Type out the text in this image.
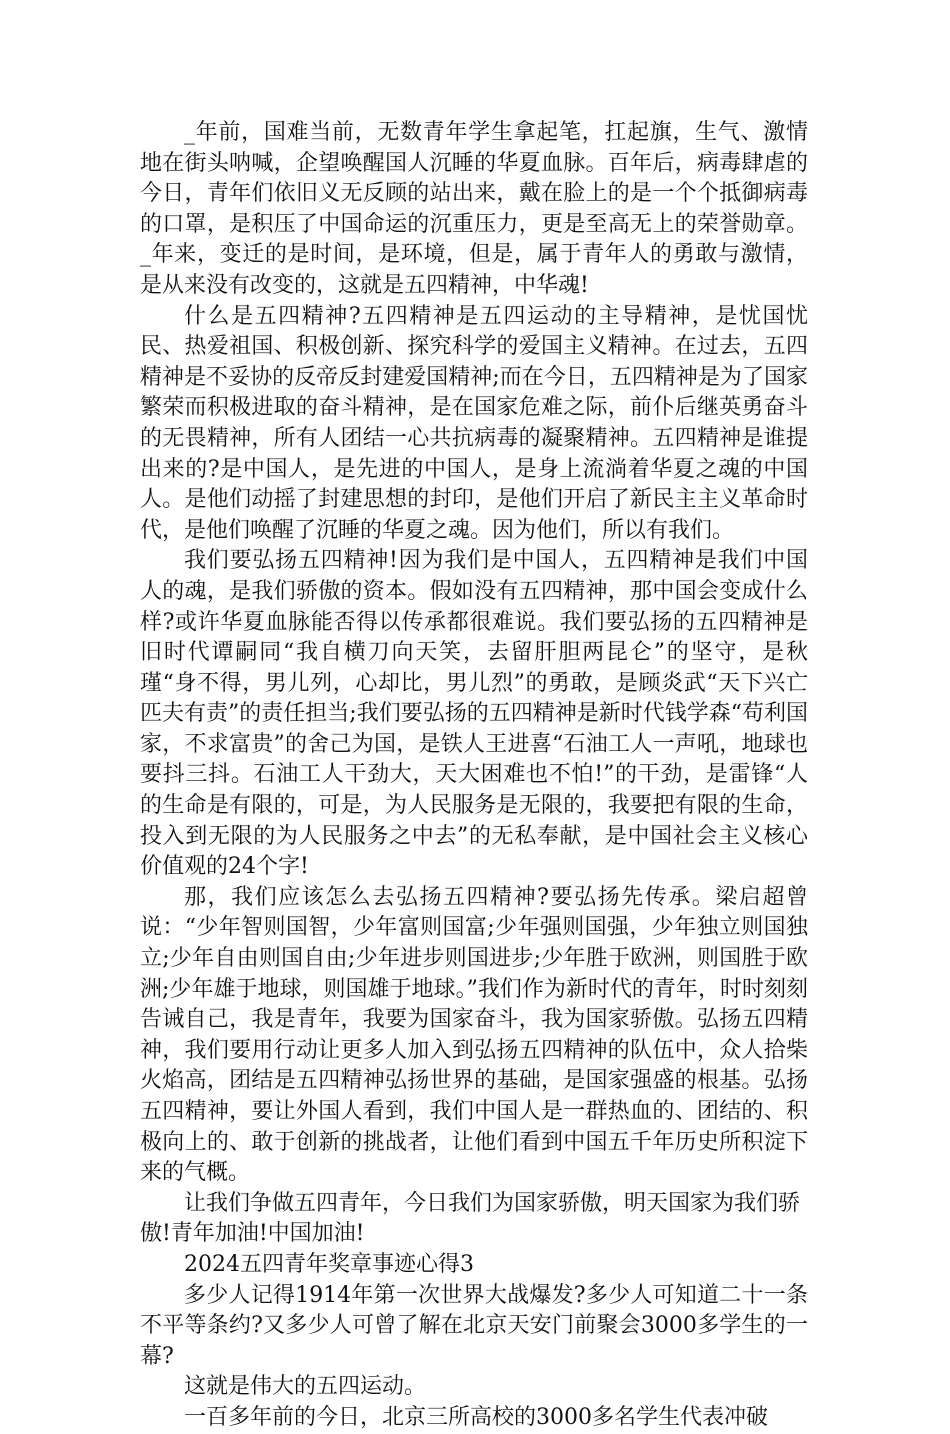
_年前，国难当前，无数青年学生拿起笔，扛起旗，生气、激情地在街头呐喊，企望唤醒国人沉睡的华夏血脉。百年后，病毒肆虐的今日，青年们依旧义无反顾的站出来，戴在脸上的是一个个抵御病毒的口罩，是积压了中国命运的沉重压力，更是至高无上的荣誉勋章。_年来，变迁的是时间，是环境，但是，属于青年人的勇敢与激情，是从来没有改变的，这就是五四精神，中华魂!

什么是五四精神?五四精神是五四运动的主导精神，是忧国忧民、热爱祖国、积极创新、探究科学的爱国主义精神。在过去，五四精神是不妥协的反帝反封建爱国精神;而在今日，五四精神是为了国家繁荣而积极进取的奋斗精神，是在国家危难之际，前仆后继英勇奋斗的无畏精神，所有人团结一心共抗病毒的凝聚精神。五四精神是谁提出来的?是中国人，是先进的中国人，是身上流淌着华夏之魂的中国人。是他们动摇了封建思想的封印，是他们开启了新民主主义革命时代，是他们唤醒了沉睡的华夏之魂。因为他们，所以有我们。

我们要弘扬五四精神!因为我们是中国人，五四精神是我们中国人的魂，是我们骄傲的资本。假如没有五四精神，那中国会变成什么样?或许华夏血脉能否得以传承都很难说。我们要弘扬的五四精神是旧时代谭嗣同“我自横刀向天笑，去留肝胆两昆仑”的坚守，是秋瑾“身不得，男儿列，心却比，男儿烈”的勇敢，是顾炎武“天下兴亡匹夫有责”的责任担当;我们要弘扬的五四精神是新时代钱学森“苟利国家，不求富贵”的舍己为国，是铁人王进喜“石油工人一声吼，地球也要抖三抖。石油工人干劲大，天大困难也不怕!”的干劲，是雷锋“人的生命是有限的，可是，为人民服务是无限的，我要把有限的生命，投入到无限的为人民服务之中去”的无私奉献，是中国社会主义核心价值观的24个字!

那，我们应该怎么去弘扬五四精神?要弘扬先传承。梁启超曾说：“少年智则国智，少年富则国富;少年强则国强，少年独立则国独立;少年自由则国自由;少年进步则国进步;少年胜于欧洲，则国胜于欧洲;少年雄于地球，则国雄于地球。”我们作为新时代的青年，时时刻刻告诫自己，我是青年，我要为国家奋斗，我为国家骄傲。弘扬五四精神，我们要用行动让更多人加入到弘扬五四精神的队伍中，众人拾柴火焰高，团结是五四精神弘扬世界的基础，是国家强盛的根基。弘扬五四精神，要让外国人看到，我们中国人是一群热血的、团结的、积极向上的、敢于创新的挑战者，让他们看到中国五千年历史所积淀下来的气概。

让我们争做五四青年，今日我们为国家骄傲，明天国家为我们骄傲!青年加油!中国加油!

2024五四青年奖章事迹心得3

多少人记得1914年第一次世界大战爆发?多少人可知道二十一条不平等条约?又多少人可曾了解在北京天安门前聚会3000多学生的一幕?

这就是伟大的五四运动。

一百多年前的今日，北京三所高校的3000多名学生代表冲破
